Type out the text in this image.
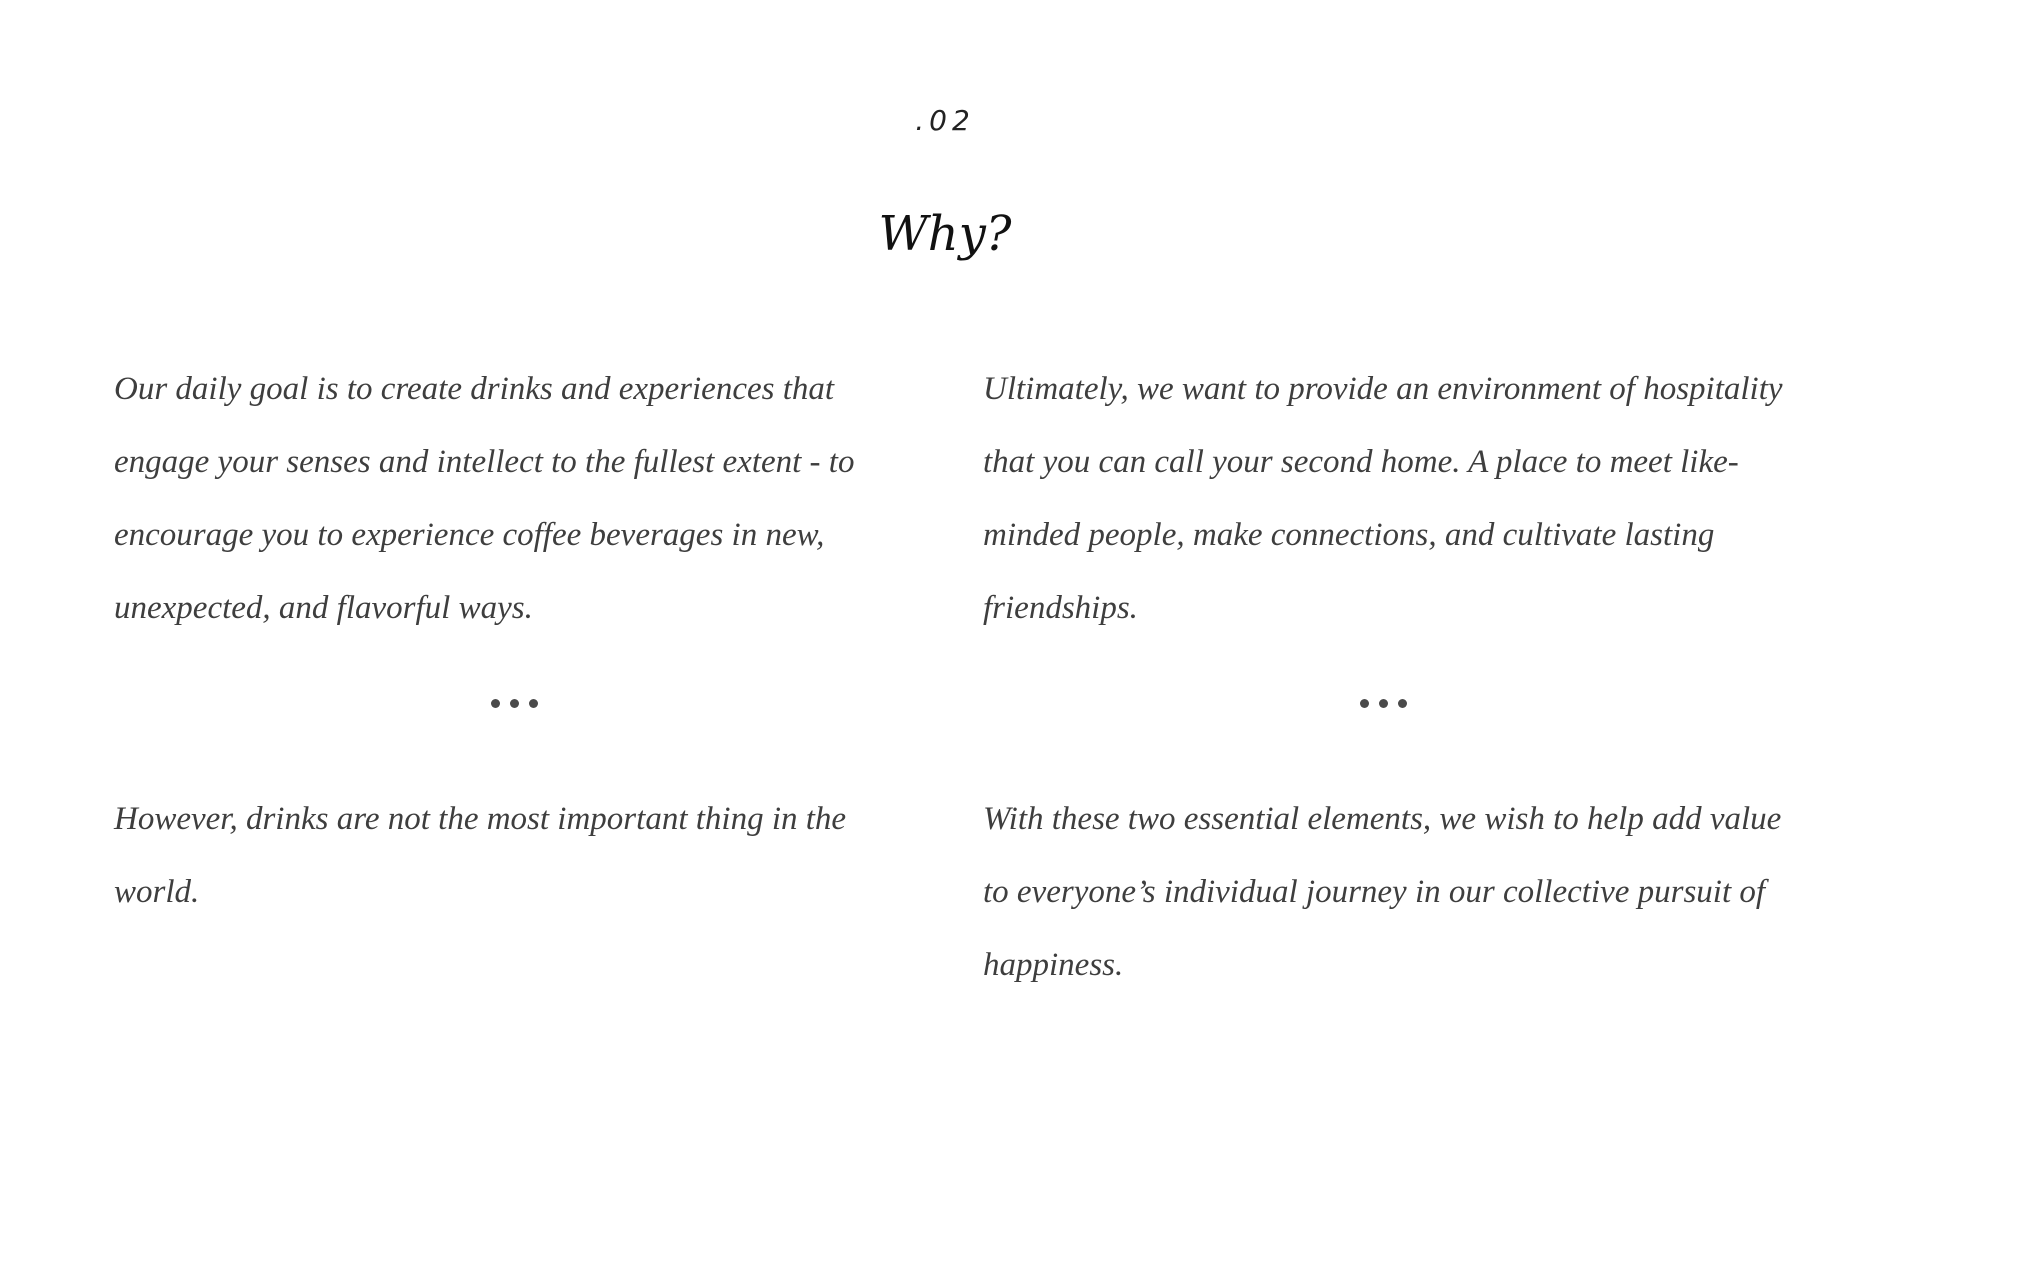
.02
Why?

Our daily goal is to create drinks and experiences that engage your senses and intellect to the fullest extent - to encourage you to experience coffee beverages in new, unexpected, and flavorful ways.

Ultimately, we want to provide an environment of hospitality that you can call your second home. A place to meet like-minded people, make connections, and cultivate lasting friendships.

However, drinks are not the most important thing in the world.

With these two essential elements, we wish to help add value to everyone’s individual journey in our collective pursuit of happiness.
